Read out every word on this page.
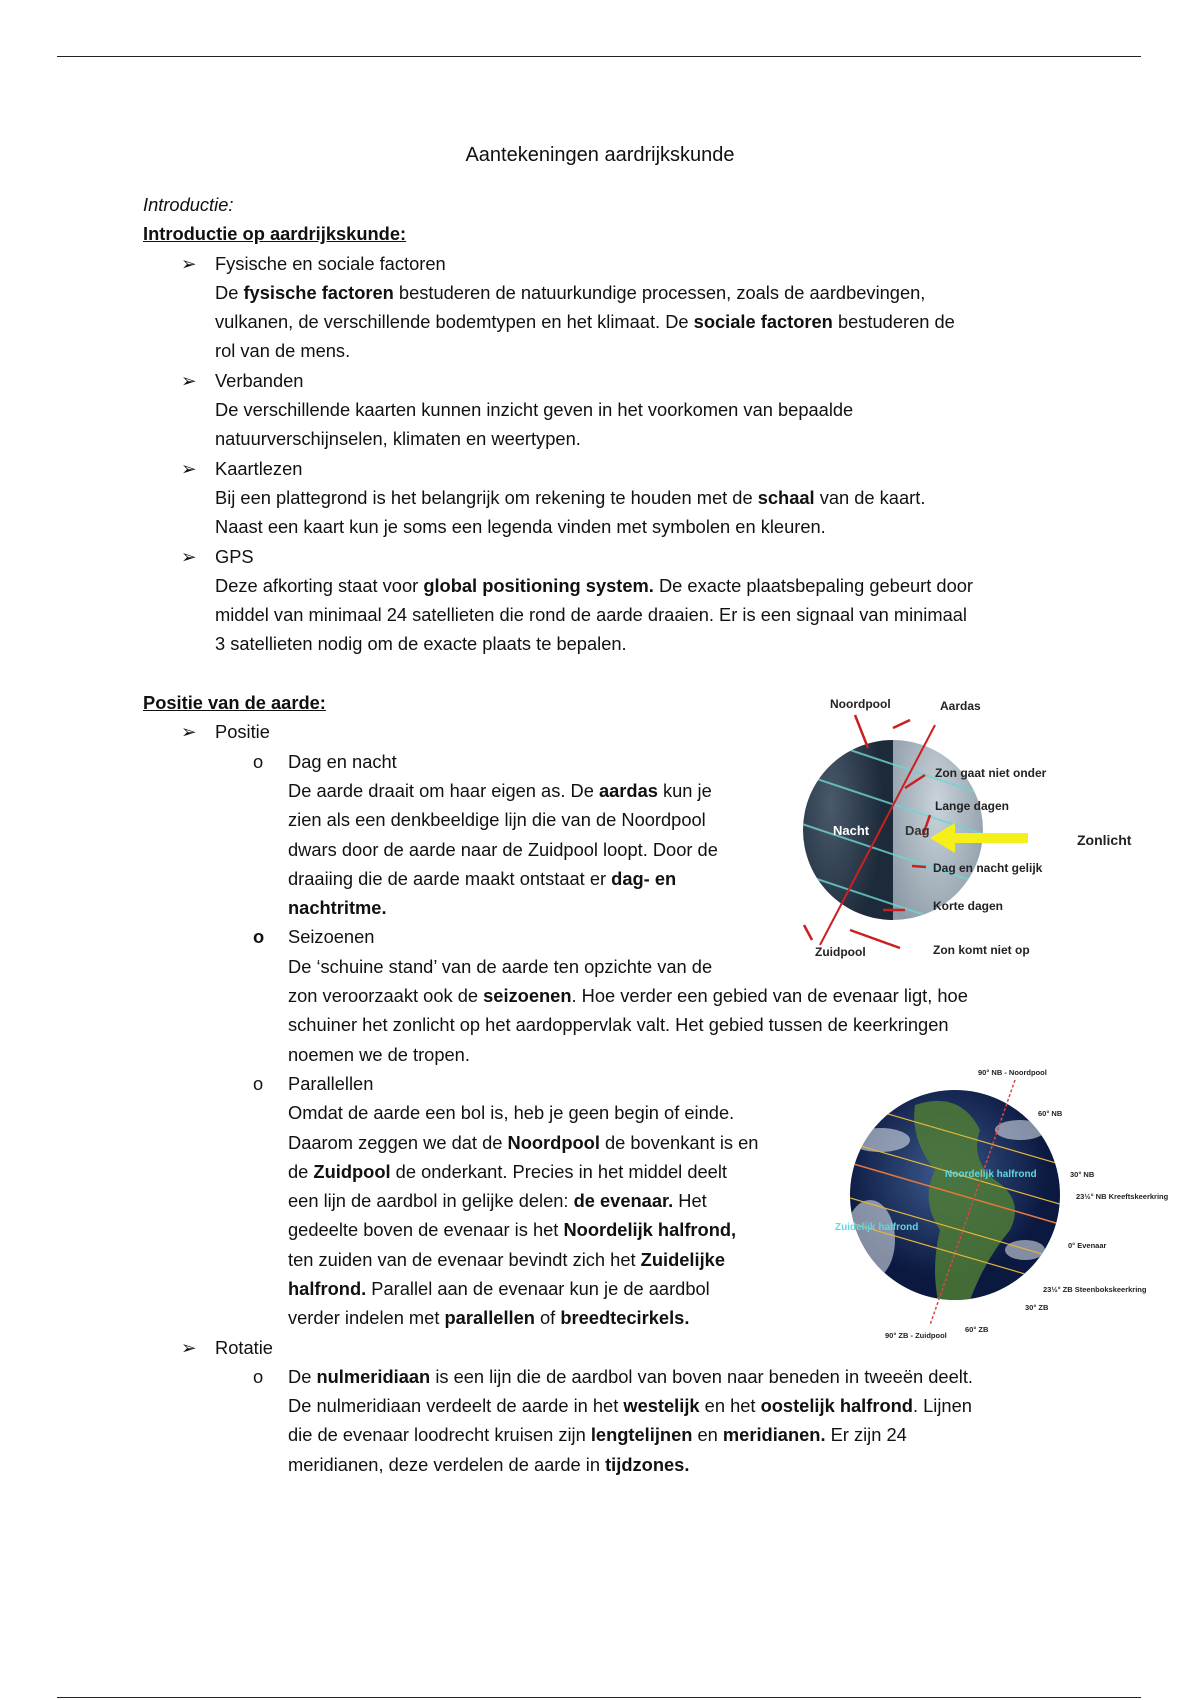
Aantekeningen aardrijkskunde
Introductie:
Introductie op aardrijkskunde:
➢ Fysische en sociale factoren
De fysische factoren bestuderen de natuurkundige processen, zoals de aardbevingen,
vulkanen, de verschillende bodemtypen en het klimaat. De sociale factoren bestuderen de
rol van de mens.
➢ Verbanden
De verschillende kaarten kunnen inzicht geven in het voorkomen van bepaalde
natuurverschijnselen, klimaten en weertypen.
➢ Kaartlezen
Bij een plattegrond is het belangrijk om rekening te houden met de schaal van de kaart.
Naast een kaart kun je soms een legenda vinden met symbolen en kleuren.
➢ GPS
Deze afkorting staat voor global positioning system. De exacte plaatsbepaling gebeurt door
middel van minimaal 24 satellieten die rond de aarde draaien. Er is een signaal van minimaal
3 satellieten nodig om de exacte plaats te bepalen.
Positie van de aarde:
➢ Positie
o Dag en nacht
De aarde draait om haar eigen as. De aardas kun je
zien als een denkbeeldige lijn die van de Noordpool
dwars door de aarde naar de Zuidpool loopt. Door de
draaiing die de aarde maakt ontstaat er dag- en
nachtritme.
o Seizoenen
De ‘schuine stand’ van de aarde ten opzichte van de
zon veroorzaakt ook de seizoenen. Hoe verder een gebied van de evenaar ligt, hoe
schuiner het zonlicht op het aardoppervlak valt. Het gebied tussen de keerkringen
noemen we de tropen.
o Parallellen
Omdat de aarde een bol is, heb je geen begin of einde.
Daarom zeggen we dat de Noordpool de bovenkant is en
de Zuidpool de onderkant. Precies in het middel deelt
een lijn de aardbol in gelijke delen: de evenaar. Het
gedeelte boven de evenaar is het Noordelijk halfrond,
ten zuiden van de evenaar bevindt zich het Zuidelijke
halfrond. Parallel aan de evenaar kun je de aardbol
verder indelen met parallellen of breedtecirkels.
➢ Rotatie
o De nulmeridiaan is een lijn die de aardbol van boven naar beneden in tweeën deelt.
De nulmeridiaan verdeelt de aarde in het westelijk en het oostelijk halfrond. Lijnen
die de evenaar loodrecht kruisen zijn lengtelijnen en meridianen. Er zijn 24
meridianen, deze verdelen de aarde in tijdzones.
Noordpool	Aardas
Zon gaat niet onder
Lange dagen
Zonlicht
Dag en nacht gelijk
Korte dagen
Zuidpool	Zon komt niet op
Nacht	Dag
90° NB - Noordpool
60° NB
30° NB
23½° NB Kreeftskeerkring
0° Evenaar
23½° ZB Steenbokskeerkring
30° ZB
60° ZB
90° ZB - Zuidpool
Noordelijk halfrond
Zuidelijk halfrond
